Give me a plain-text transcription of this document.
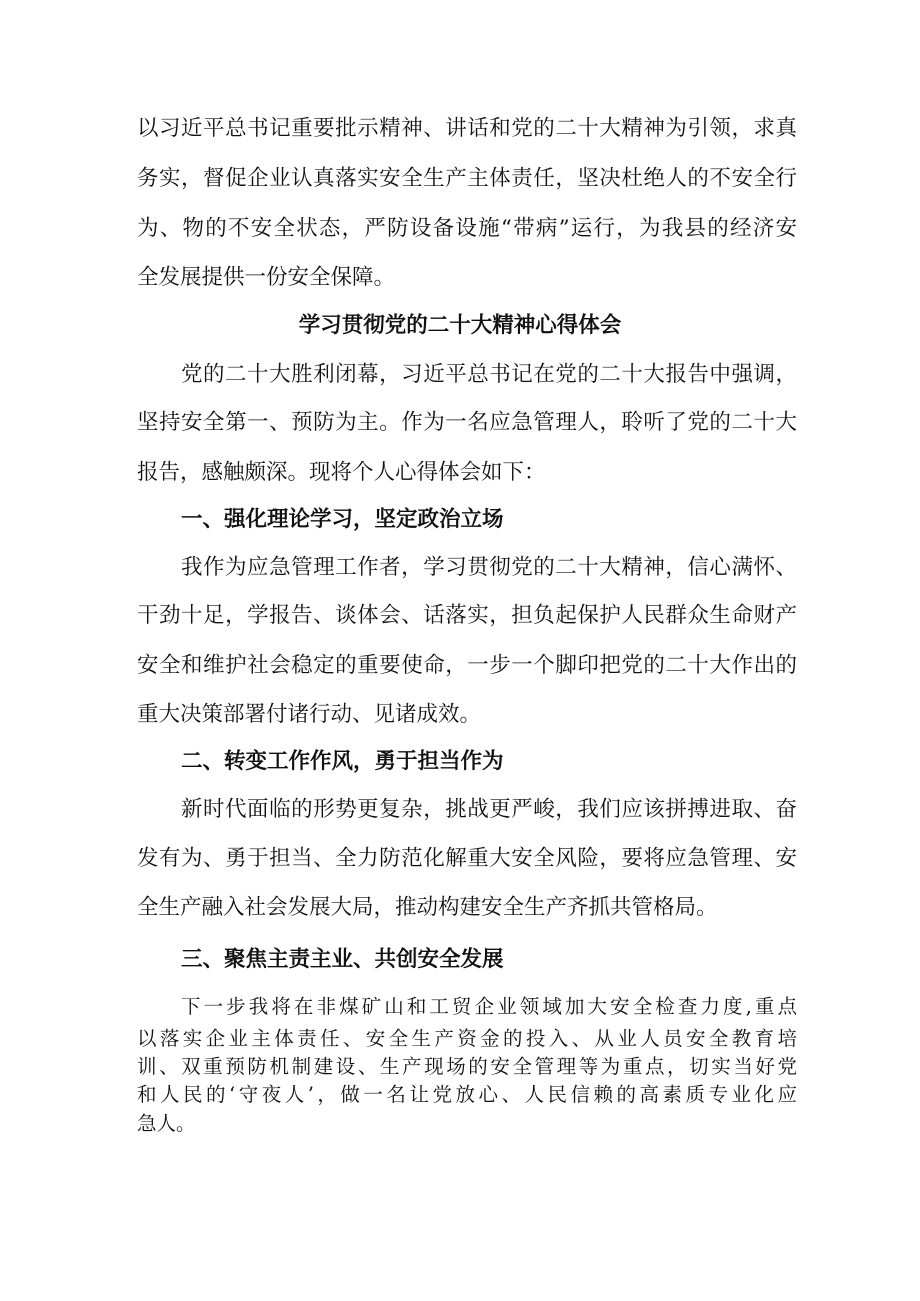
以习近平总书记重要批示精神、讲话和党的二十大精神为引领，求真
务实，督促企业认真落实安全生产主体责任，坚决杜绝人的不安全行
为、物的不安全状态，严防设备设施“带病”运行，为我县的经济安
全发展提供一份安全保障。
学习贯彻党的二十大精神心得体会
党的二十大胜利闭幕，习近平总书记在党的二十大报告中强调，
坚持安全第一、预防为主。作为一名应急管理人，聆听了党的二十大
报告，感触颇深。现将个人心得体会如下：
一、强化理论学习，坚定政治立场
我作为应急管理工作者，学习贯彻党的二十大精神，信心满怀、
干劲十足，学报告、谈体会、话落实，担负起保护人民群众生命财产
安全和维护社会稳定的重要使命，一步一个脚印把党的二十大作出的
重大决策部署付诸行动、见诸成效。
二、转变工作作风，勇于担当作为
新时代面临的形势更复杂，挑战更严峻，我们应该拼搏进取、奋
发有为、勇于担当、全力防范化解重大安全风险，要将应急管理、安
全生产融入社会发展大局，推动构建安全生产齐抓共管格局。
三、聚焦主责主业、共创安全发展
下一步我将在非煤矿山和工贸企业领域加大安全检查力度,重点
以落实企业主体责任、安全生产资金的投入、从业人员安全教育培
训、双重预防机制建设、生产现场的安全管理等为重点，切实当好党
和人民的‘守夜人’，做一名让党放心、人民信赖的高素质专业化应
急人。
